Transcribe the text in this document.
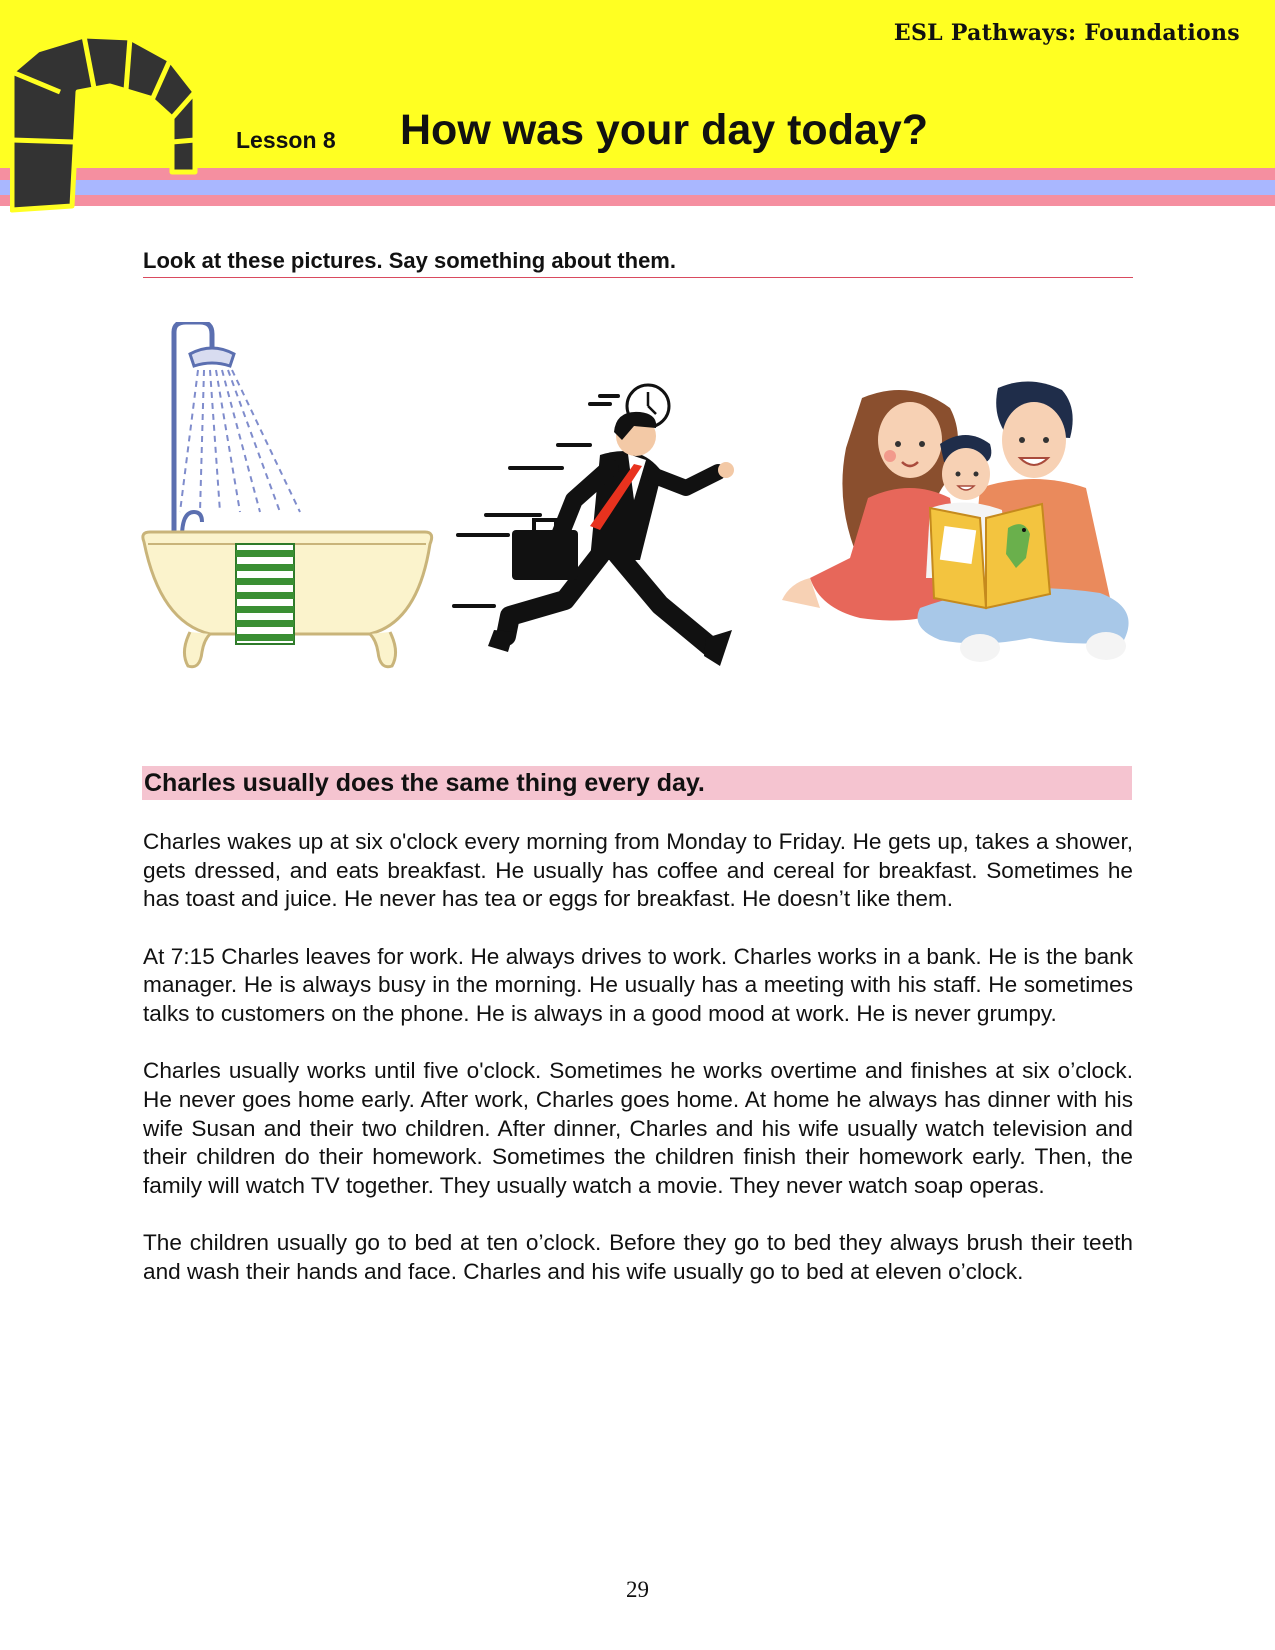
ESL Pathways: Foundations
Lesson 8 How was your day today?
Look at these pictures. Say something about them.
Charles usually does the same thing every day.

Charles wakes up at six o'clock every morning from Monday to Friday. He gets up, takes a shower, gets dressed, and eats breakfast. He usually has coffee and cereal for breakfast. Sometimes he has toast and juice. He never has tea or eggs for breakfast. He doesn’t like them.

At 7:15 Charles leaves for work. He always drives to work. Charles works in a bank. He is the bank manager. He is always busy in the morning. He usually has a meeting with his staff. He sometimes talks to customers on the phone. He is always in a good mood at work. He is never grumpy.

Charles usually works until five o'clock. Sometimes he works overtime and finishes at six o’clock. He never goes home early. After work, Charles goes home. At home he always has dinner with his wife Susan and their two children. After dinner, Charles and his wife usually watch television and their children do their homework. Sometimes the children finish their homework early. Then, the family will watch TV together. They usually watch a movie. They never watch soap operas.

The children usually go to bed at ten o’clock. Before they go to bed they always brush their teeth and wash their hands and face. Charles and his wife usually go to bed at eleven o’clock.

29
